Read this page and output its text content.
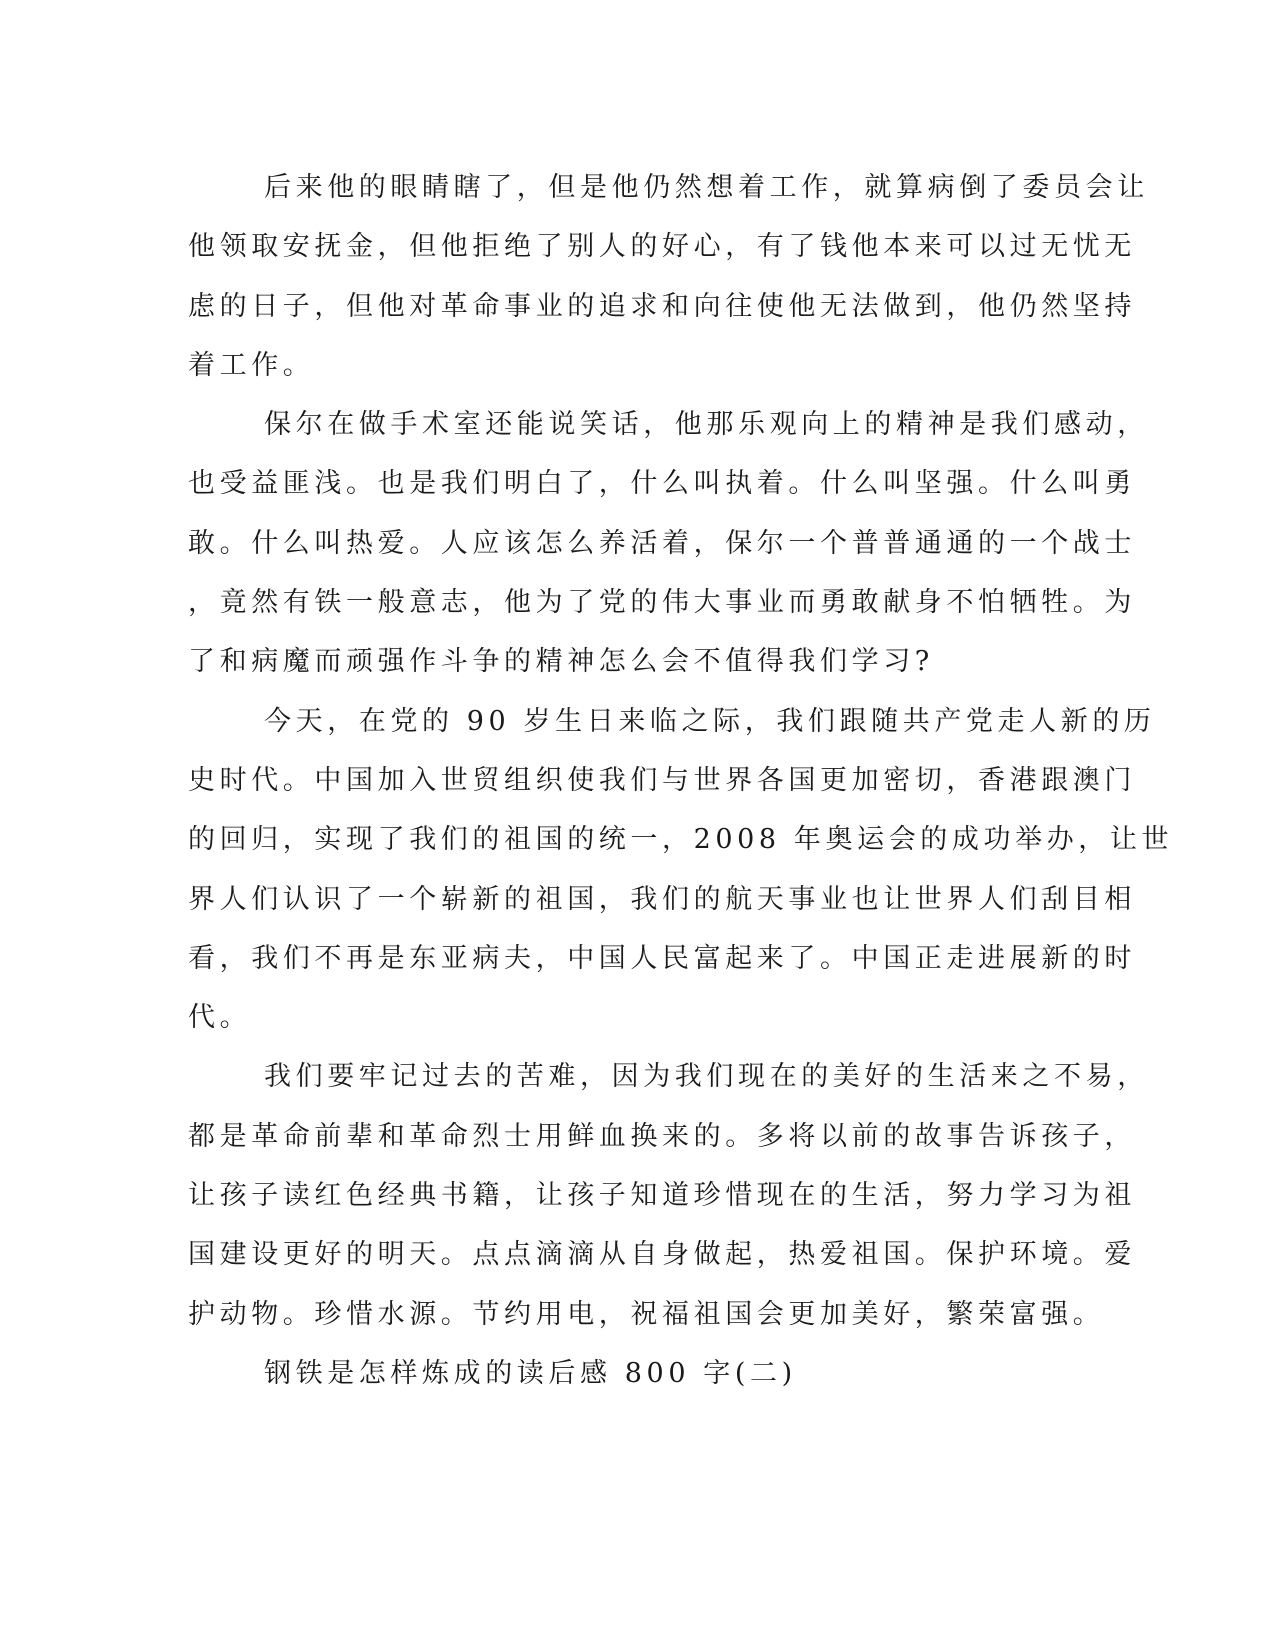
后来他的眼睛瞎了，但是他仍然想着工作，就算病倒了委员会让
他领取安抚金，但他拒绝了别人的好心，有了钱他本来可以过无忧无
虑的日子，但他对革命事业的追求和向往使他无法做到，他仍然坚持
着工作。
保尔在做手术室还能说笑话，他那乐观向上的精神是我们感动，
也受益匪浅。也是我们明白了，什么叫执着。什么叫坚强。什么叫勇
敢。什么叫热爱。人应该怎么养活着，保尔一个普普通通的一个战士
，竟然有铁一般意志，他为了党的伟大事业而勇敢献身不怕牺牲。为
了和病魔而顽强作斗争的精神怎么会不值得我们学习?
今天，在党的 90 岁生日来临之际，我们跟随共产党走人新的历
史时代。中国加入世贸组织使我们与世界各国更加密切，香港跟澳门
的回归，实现了我们的祖国的统一，2008 年奥运会的成功举办，让世
界人们认识了一个崭新的祖国，我们的航天事业也让世界人们刮目相
看，我们不再是东亚病夫，中国人民富起来了。中国正走进展新的时
代。
我们要牢记过去的苦难，因为我们现在的美好的生活来之不易，
都是革命前辈和革命烈士用鲜血换来的。多将以前的故事告诉孩子，
让孩子读红色经典书籍，让孩子知道珍惜现在的生活，努力学习为祖
国建设更好的明天。点点滴滴从自身做起，热爱祖国。保护环境。爱
护动物。珍惜水源。节约用电，祝福祖国会更加美好，繁荣富强。
钢铁是怎样炼成的读后感 800 字(二)
